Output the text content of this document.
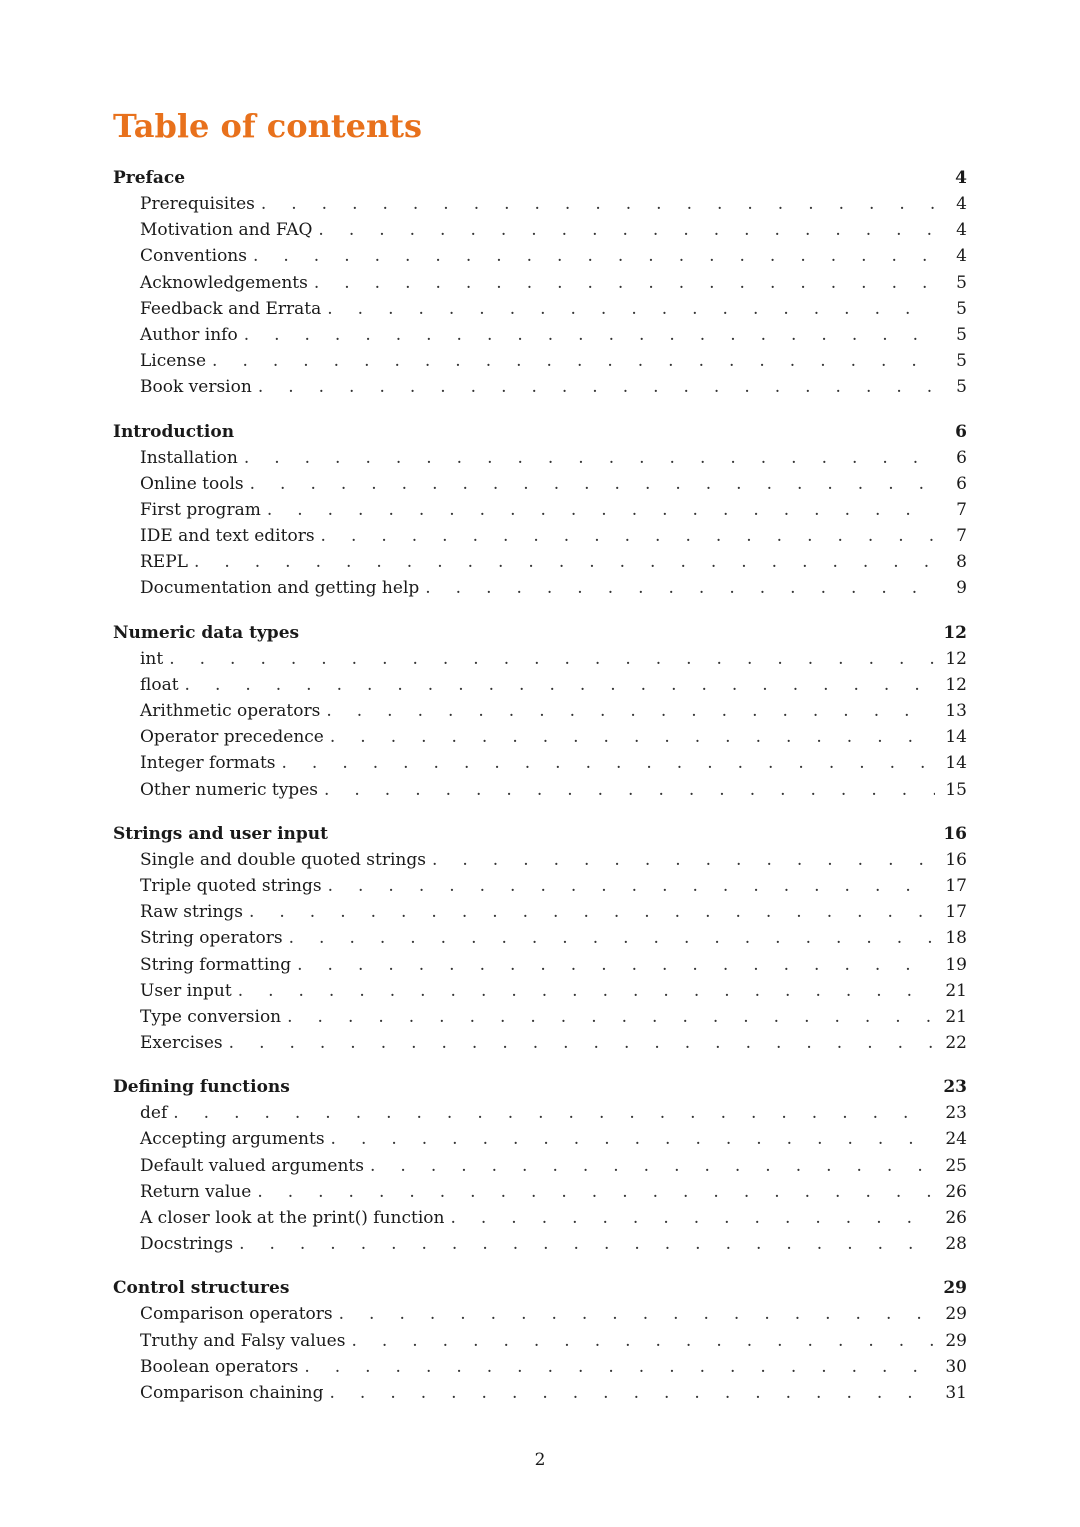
Table of contents
Preface	4
Prerequisites . . .	4
Motivation and FAQ . . .	4
Conventions . . .	4
Acknowledgements . . .	5
Feedback and Errata . . .	5
Author info . . .	5
License . . .	5
Book version . . .	5
Introduction	6
Installation . . .	6
Online tools . . .	6
First program . . .	7
IDE and text editors . . .	7
REPL . . .	8
Documentation and getting help . . .	9
Numeric data types	12
int . . .	12
float . . .	12
Arithmetic operators . . .	13
Operator precedence . . .	14
Integer formats . . .	14
Other numeric types . . .	15
Strings and user input	16
Single and double quoted strings . . .	16
Triple quoted strings . . .	17
Raw strings . . .	17
String operators . . .	18
String formatting . . .	19
User input . . .	21
Type conversion . . .	21
Exercises . . .	22
Defining functions	23
def . . .	23
Accepting arguments . . .	24
Default valued arguments . . .	25
Return value . . .	26
A closer look at the print() function . . .	26
Docstrings . . .	28
Control structures	29
Comparison operators . . .	29
Truthy and Falsy values . . .	29
Boolean operators . . .	30
Comparison chaining . . .	31
2
